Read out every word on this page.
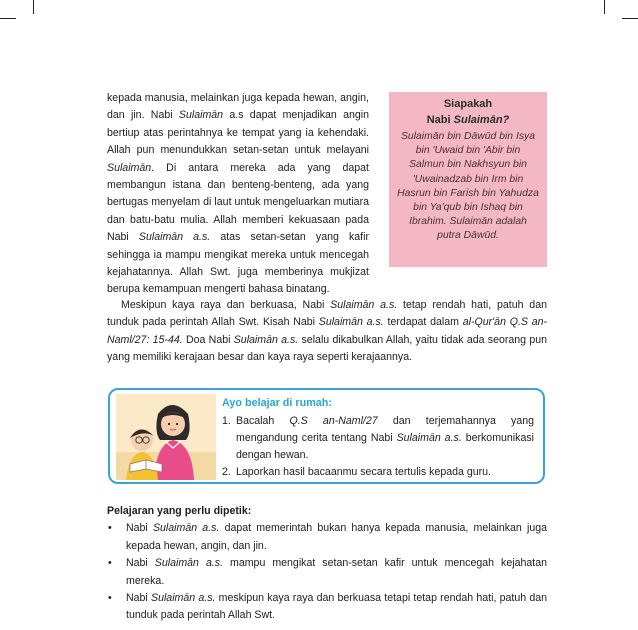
kepada manusia, melainkan juga kepada hewan, angin, dan jin. Nabi Sulaimān a.s dapat menjadikan angin bertiup atas perintahnya ke tempat yang ia kehendaki. Allah pun menundukkan setan-setan untuk melayani Sulaimān. Di antara mereka ada yang dapat membangun istana dan benteng-benteng, ada yang bertugas menyelam di laut untuk mengeluarkan mutiara dan batu-batu mulia. Allah memberi kekuasaan pada Nabi Sulaimān a.s. atas setan-setan yang kafir sehingga ia mampu mengikat mereka untuk mencegah kejahatannya. Allah Swt. juga memberinya mukjizat berupa kemampuan mengerti bahasa binatang.
Siapakah
Nabi Sulaimān?
Sulaimān bin Dāwūd bin Isya bin 'Uwaid bin 'Abir bin Salmun bin Nakhsyun bin 'Uwainadzab bin Irm bin Hasrun bin Farish bin Yahudza bin Ya'qub bin Ishaq bin Ibrahim. Sulaimān adalah putra Dāwūd.
Meskipun kaya raya dan berkuasa, Nabi Sulaimān a.s. tetap rendah hati, patuh dan tunduk pada perintah Allah Swt. Kisah Nabi Sulaimān a.s. terdapat dalam al-Qur'ān Q.S an-Naml/27: 15-44. Doa Nabi Sulaimān a.s. selalu dikabulkan Allah, yaitu tidak ada seorang pun yang memiliki kerajaan besar dan kaya raya seperti kerajaannya.
Ayo belajar di rumah:
1. Bacalah Q.S an-Naml/27 dan terjemahannya yang mengandung cerita tentang Nabi Sulaimān a.s. berkomunikasi dengan hewan.
2. Laporkan hasil bacaanmu secara tertulis kepada guru.
Pelajaran yang perlu dipetik:
•	Nabi Sulaimān a.s. dapat memerintah bukan hanya kepada manusia, melainkan juga kepada hewan, angin, dan jin.
•	Nabi Sulaimān a.s. mampu mengikat setan-setan kafir untuk mencegah kejahatan mereka.
•	Nabi Sulaimān a.s. meskipun kaya raya dan berkuasa tetapi tetap rendah hati, patuh dan tunduk pada perintah Allah Swt.
